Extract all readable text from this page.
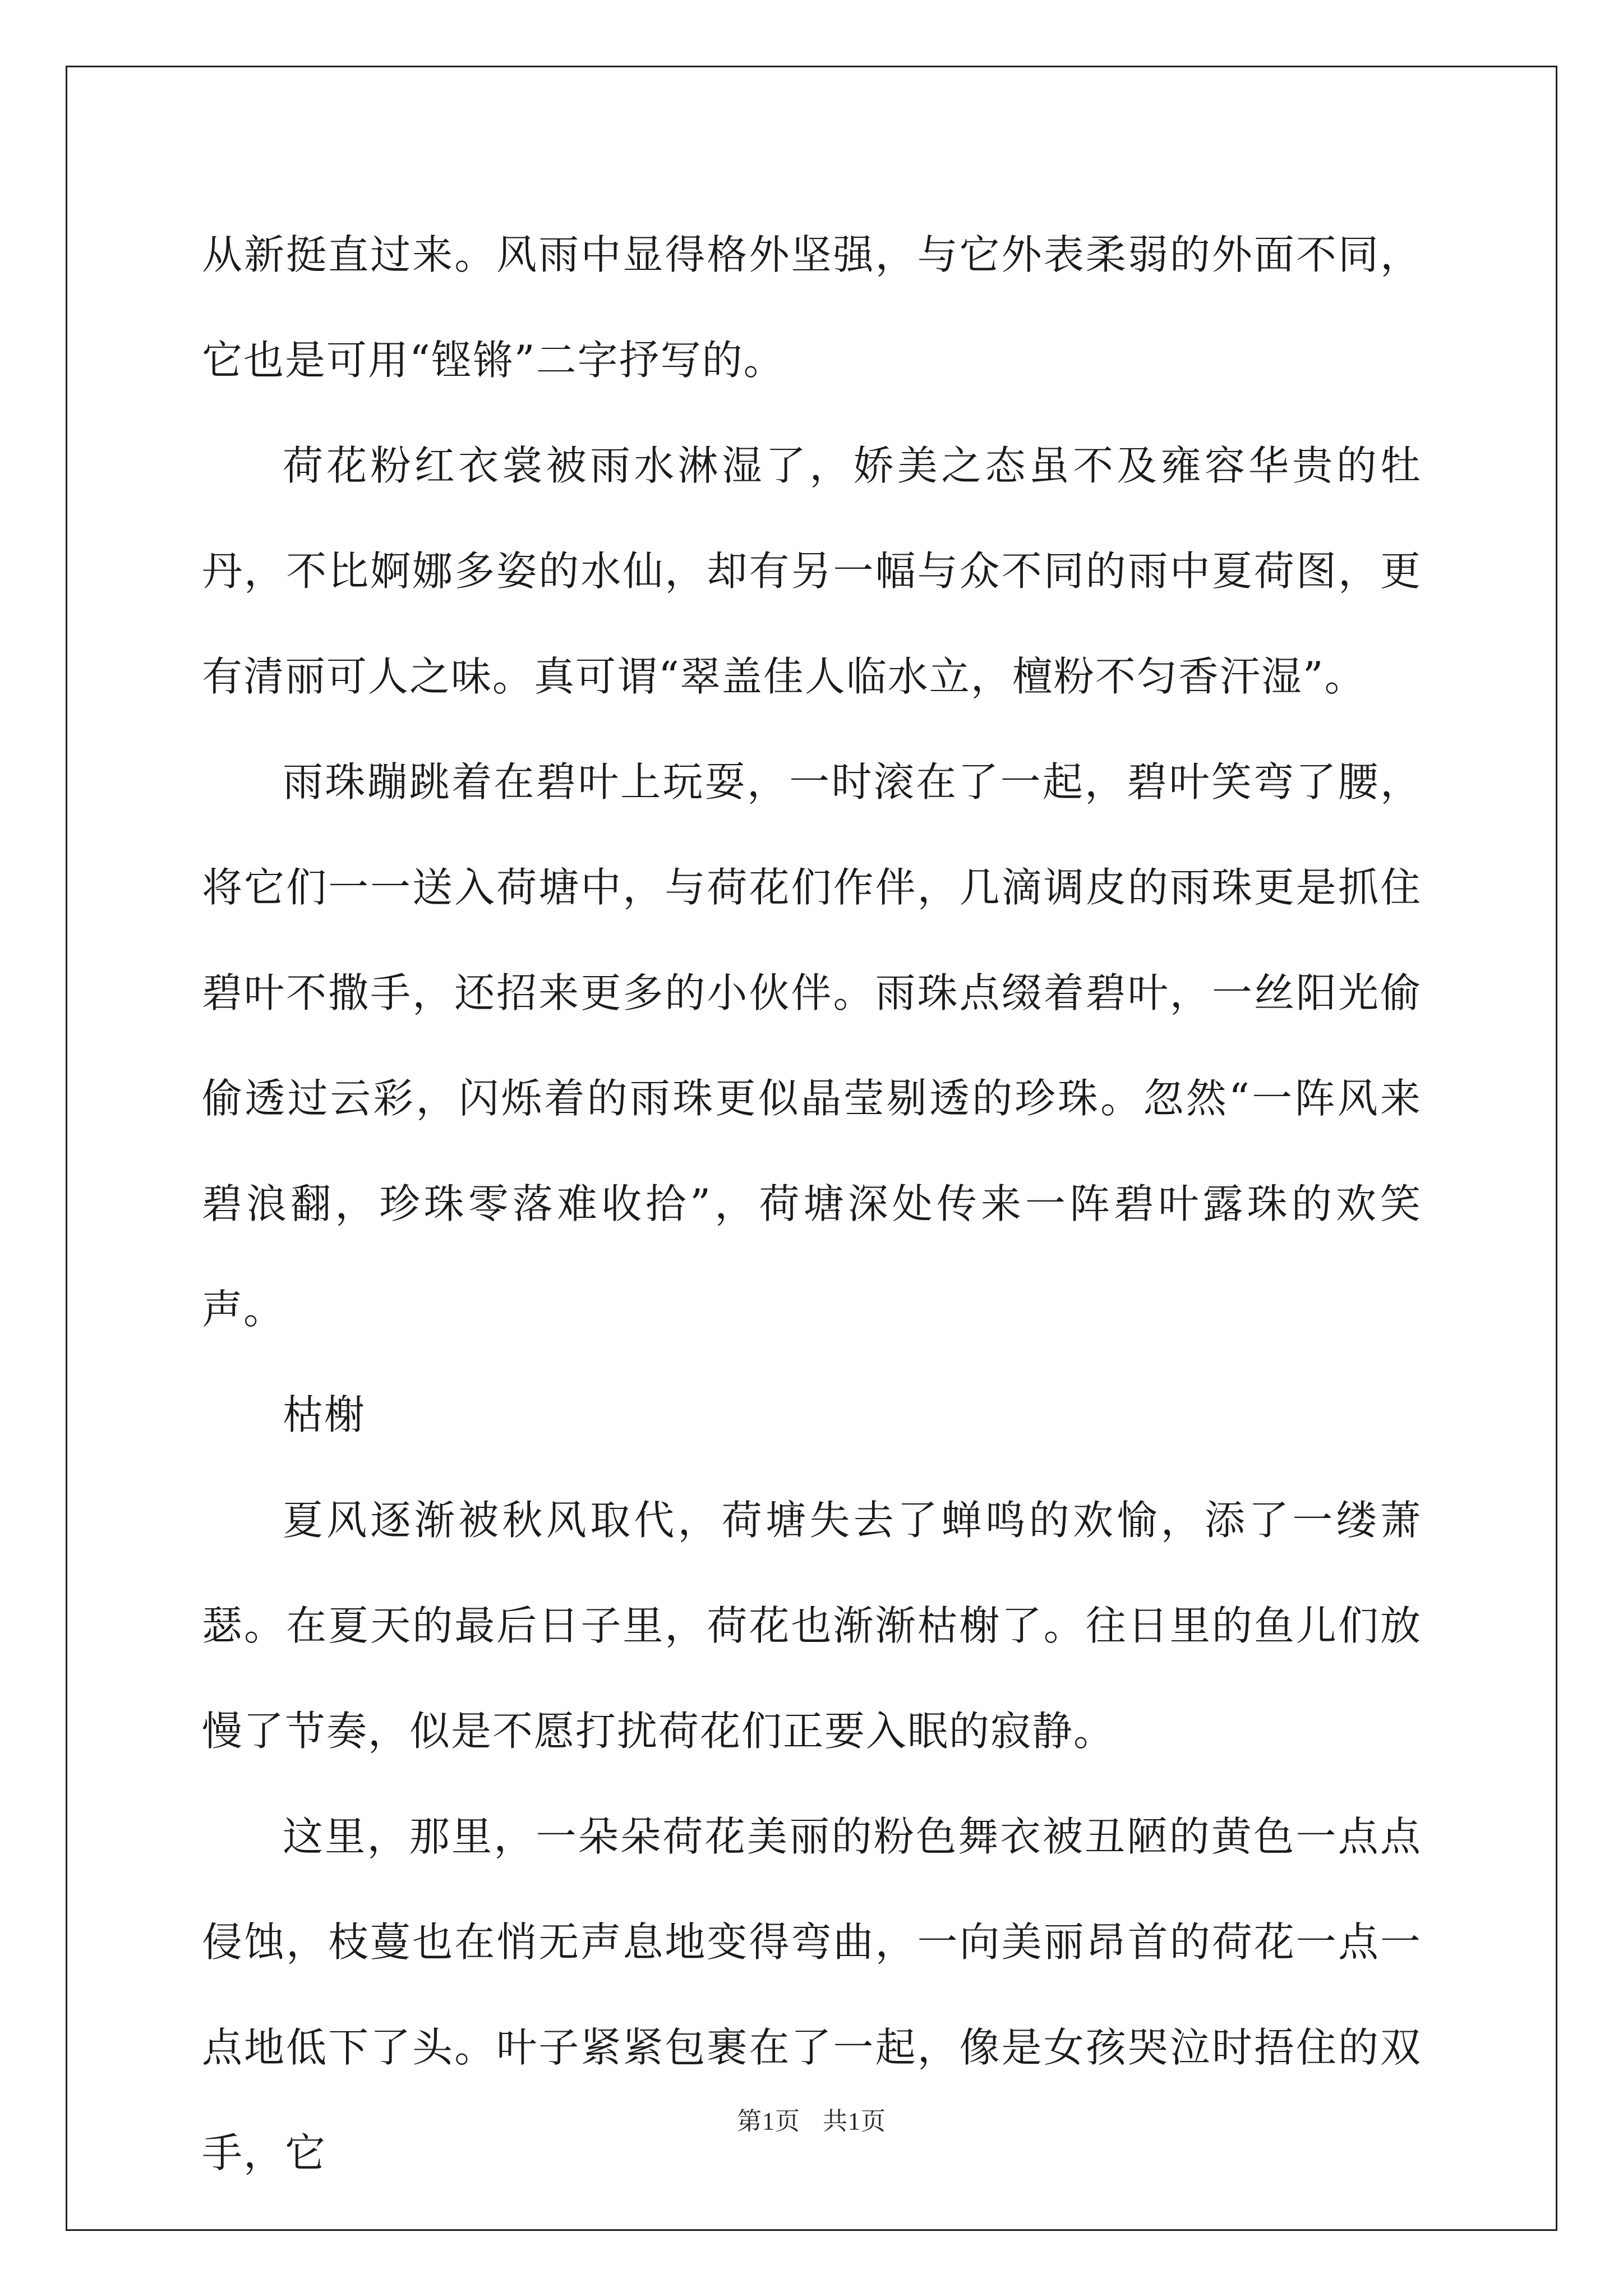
从新挺直过来。风雨中显得格外坚强，与它外表柔弱的外面不同，它也是可用“铿锵”二字抒写的。

荷花粉红衣裳被雨水淋湿了，娇美之态虽不及雍容华贵的牡丹，不比婀娜多姿的水仙，却有另一幅与众不同的雨中夏荷图，更有清丽可人之味。真可谓“翠盖佳人临水立，檀粉不匀香汗湿”。

雨珠蹦跳着在碧叶上玩耍，一时滚在了一起，碧叶笑弯了腰，将它们一一送入荷塘中，与荷花们作伴，几滴调皮的雨珠更是抓住碧叶不撒手，还招来更多的小伙伴。雨珠点缀着碧叶，一丝阳光偷偷透过云彩，闪烁着的雨珠更似晶莹剔透的珍珠。忽然“一阵风来碧浪翻，珍珠零落难收拾”，荷塘深处传来一阵碧叶露珠的欢笑声。

枯榭

夏风逐渐被秋风取代，荷塘失去了蝉鸣的欢愉，添了一缕萧瑟。在夏天的最后日子里，荷花也渐渐枯榭了。往日里的鱼儿们放慢了节奏，似是不愿打扰荷花们正要入眠的寂静。

这里，那里，一朵朵荷花美丽的粉色舞衣被丑陋的黄色一点点侵蚀，枝蔓也在悄无声息地变得弯曲，一向美丽昂首的荷花一点一点地低下了头。叶子紧紧包裹在了一起，像是女孩哭泣时捂住的双手，它

第1页 共1页
